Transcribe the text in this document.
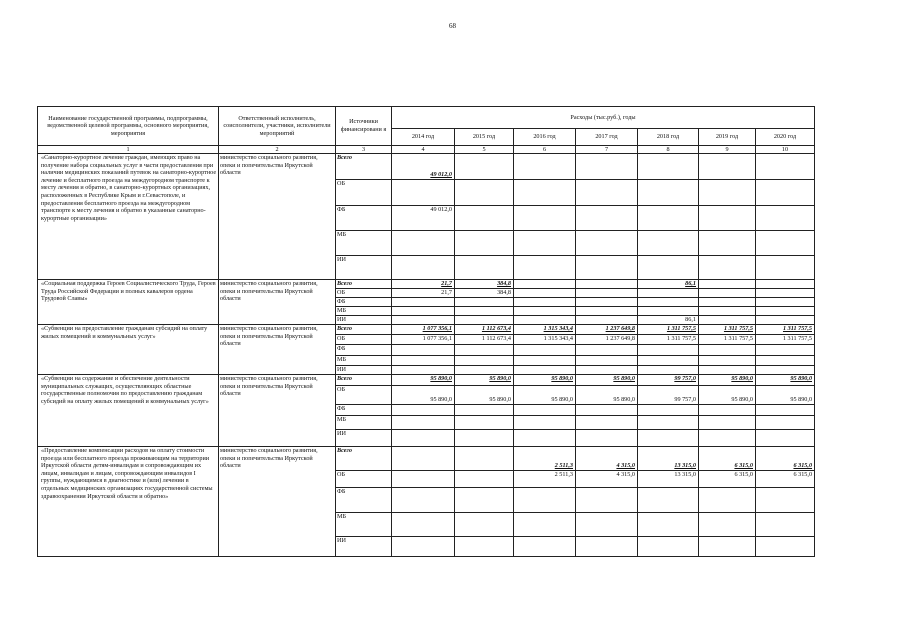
68
Наименование государственной программы, подпрограммы, ведомственной целевой программы, основного мероприятия, мероприятия	Ответственный исполнитель, соисполнители, участники, исполнители мероприятий	Источники финансировани я	Расходы (тыс.руб.), годы						
			2014 год	2015 год	2016 год	2017 год	2018 год	2019 год	2020 год
1	2	3	4	5	6	7	8	9	10
«Санаторно-курортное лечение граждан, имеющих право на получение набора социальных услуг в части предоставления при наличии медицинских показаний путевок на санаторно-курортное лечение и бесплатного проезда на междугородном транспорте к месту лечения и обратно, в санаторно-курортных организациях, расположенных в Республике Крым и г.Севастополе, и предоставления бесплатного проезда на междугородном транспорте к месту лечения и обратно в указанные санаторно-курортные организации»	министерство социального развития, опеки и попечительства Иркутской области	Всего	49 012,0						
		ОБ							
		ФБ	49 012,0						
		МБ							
		ИИ							
«Социальная поддержка Героев Социалистического Труда, Героев Труда Российской Федерации и полных кавалеров ордена Трудовой Славы»	министерство социального развития, опеки и попечительства Иркутской области	Всего	21,7	384,8			86,1		
		ОБ	21,7	384,8					
		ФБ							
		МБ							
		ИИ					86,1		
«Субвенции на предоставление гражданам субсидий на оплату жилых помещений и коммунальных услуг»	министерство социального развития, опеки и попечительства Иркутской области	Всего	1 077 356,1	1 112 673,4	1 315 343,4	1 237 649,8	1 311 757,5	1 311 757,5	1 311 757,5
		ОБ	1 077 356,1	1 112 673,4	1 315 343,4	1 237 649,8	1 311 757,5	1 311 757,5	1 311 757,5
		ФБ							
		МБ							
		ИИ							
«Субвенции на содержание и обеспечение деятельности муниципальных служащих, осуществляющих областные государственные полномочия по предоставлению гражданам субсидий на оплату жилых помещений и коммунальных услуг»	министерство социального развития, опеки и попечительства Иркутской области	Всего	95 890,0	95 890,0	95 890,0	95 890,0	99 757,0	95 890,0	95 890,0
		ОБ	95 890,0	95 890,0	95 890,0	95 890,0	99 757,0	95 890,0	95 890,0
		ФБ							
		МБ							
		ИИ							
«Предоставление компенсации расходов на оплату стоимости проезда или бесплатного проезда проживающим на территории Иркутской области детям-инвалидам и сопровождающим их лицам, инвалидам и лицам, сопровождающим инвалидов I группы, нуждающимся в диагностике и (или) лечении в отдельных медицинских организациях государственной системы здравоохранения Иркутской области и обратно»	министерство социального развития, опеки и попечительства Иркутской области	Всего			2 511,3	4 315,0	13 315,0	6 315,0	6 315,0
		ОБ			2 511,3	4 315,0	13 315,0	6 315,0	6 315,0
		ФБ							
		МБ							
		ИИ							
